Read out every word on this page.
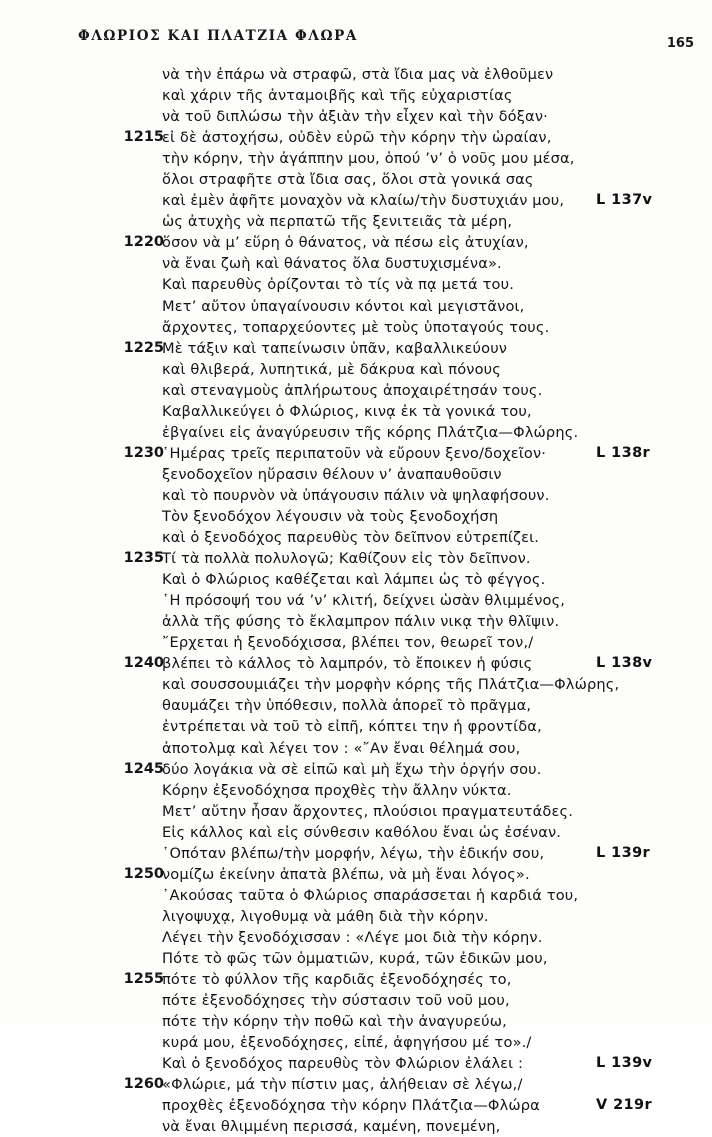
ΦΛΩΡΙΟΣ ΚΑΙ ΠΛΑΤΖΙΑ ΦΛΩΡΑ	165
νὰ τὴν ἐπάρω νὰ στραφῶ, στὰ ἴδια μας νὰ ἐλθοῦμεν
καὶ χάριν τῆς ἀνταμοιβῆς καὶ τῆς εὐχαριστίας
νὰ τοῦ διπλώσω τὴν ἀξιὰν τὴν εἶχεν καὶ τὴν δόξαν·
1215
εἰ δὲ ἀστοχήσω, οὐδὲν εὑρῶ τὴν κόρην τὴν ὡραίαν,
τὴν κόρην, τὴν ἀγάππην μου, ὁπού ’ν’ ὁ νοῦς μου μέσα,
ὅλοι στραφῆτε στὰ ἴδια σας, ὅλοι στὰ γονικά σας
καὶ ἐμὲν ἀφῆτε μοναχὸν νὰ κλαίω/τὴν δυστυχιάν μου, L 137v
ὡς ἀτυχὴς νὰ περπατῶ τῆς ξενιτειᾶς τὰ μέρη,
1220
ὅσον νὰ μ’ εὕρη ὁ θάνατος, νὰ πέσω εἰς ἀτυχίαν,
νὰ ἔναι ζωὴ καὶ θάνατος ὅλα δυστυχισμένα».
Καὶ παρευθὺς ὁρίζονται τὸ τίς νὰ πᾳ μετά του.
Μετ’ αὔτον ὑπαγαίνουσιν κόντοι καὶ μεγιστᾶνοι,
ἄρχοντες, τοπαρχεύοντες μὲ τοὺς ὑποταγούς τους.
1225
Μὲ τάξιν καὶ ταπείνωσιν ὑπᾶν, καβαλλικεύουν
καὶ θλιβερά, λυπητικά, μὲ δάκρυα καὶ πόνους
καὶ στεναγμοὺς ἀπλήρωτους ἀποχαιρέτησάν τους.
Καβαλλικεύγει ὁ Φλώριος, κινᾳ ἐκ τὰ γονικά του,
ἐβγαίνει εἰς ἀναγύρευσιν τῆς κόρης Πλάτζια—Φλώρης.
1230
῾Ημέρας τρεῖς περιπατοῦν νὰ εὔρουν ξενο/δοχεῖον·	L 138r
ξενοδοχεῖον ηὕρασιν θέλουν ν’ ἀναπαυθοῦσιν
καὶ τὸ πουρνὸν νὰ ὑπάγουσιν πάλιν νὰ ψηλαφήσουν.
Τὸν ξενοδόχον λέγουσιν νὰ τοὺς ξενοδοχήση
καὶ ὁ ξενοδόχος παρευθὺς τὸν δεῖπνον εὐτρεπίζει.
1235
Τί τὰ πολλὰ πολυλογῶ; Καθίζουν εἰς τὸν δεῖπνον.
Καὶ ὁ Φλώριος καθέζεται καὶ λάμπει ὡς τὸ φέγγος.
῾Η πρόσοψή του νά ’ν’ κλιτή, δείχνει ὡσὰν θλιμμένος,
ἀλλὰ τῆς φύσης τὸ ἔκλαμπρον πάλιν νικᾳ τὴν θλῖψιν.
῎Ερχεται ἡ ξενοδόχισσα, βλέπει τον, θεωρεῖ τον,/
1240
βλέπει τὸ κάλλος τὸ λαμπρόν, τὸ ἔποικεν ἡ φύσις	L 138v
καὶ σουσσουμιάζει τὴν μορφὴν κόρης τῆς Πλάτζια—Φλώρης,
θαυμάζει τὴν ὑπόθεσιν, πολλὰ ἀπορεῖ τὸ πρᾶγμα,
ἐντρέπεται νὰ τοῦ τὸ εἰπῆ, κόπτει την ἡ φροντίδα,
ἀποτολμᾳ καὶ λέγει τον : «῎Αν ἔναι θέλημά σου,
1245
δύο λογάκια νὰ σὲ εἰπῶ καὶ μὴ ἔχω τὴν ὀργήν σου.
Κόρην ἐξενοδόχησα προχθὲς τὴν ἄλλην νύκτα.
Μετ’ αὔτην ἦσαν ἄρχοντες, πλούσιοι πραγματευτάδες.
Εἰς κάλλος καὶ εἰς σύνθεσιν καθόλου ἔναι ὡς ἐσέναν.
῾Οπόταν βλέπω/τὴν μορφήν, λέγω, τὴν ἐδικήν σου,	L 139r
1250
νομίζω ἐκείνην ἀπατὰ βλέπω, νὰ μὴ ἔναι λόγος».
᾽Ακούσας ταῦτα ὁ Φλώριος σπαράσσεται ἡ καρδιά του,
λιγοψυχᾳ, λιγοθυμᾳ νὰ μάθη διὰ τὴν κόρην.
Λέγει τὴν ξενοδόχισσαν : «Λέγε μοι διὰ τὴν κόρην.
Πότε τὸ φῶς τῶν ὁμματιῶν, κυρά, τῶν ἐδικῶν μου,
1255
πότε τὸ φύλλον τῆς καρδιᾶς ἐξενοδόχησές το,
πότε ἐξενοδόχησες τὴν σύστασιν τοῦ νοῦ μου,
πότε τὴν κόρην τὴν ποθῶ καὶ τὴν ἀναγυρεύω,
κυρά μου, ἐξενοδόχησες, εἰπέ, ἀφηγήσου μέ το»./
Καὶ ὁ ξενοδόχος παρευθὺς τὸν Φλώριον ἐλάλει :	L 139v
1260
«Φλώριε, μά τὴν πίστιν μας, ἀλήθειαν σὲ λέγω,/
προχθὲς ἐξενοδόχησα τὴν κόρην Πλάτζια—Φλώρα	V 219r
νὰ ἔναι θλιμμένη περισσά, καμένη, πονεμένη,
